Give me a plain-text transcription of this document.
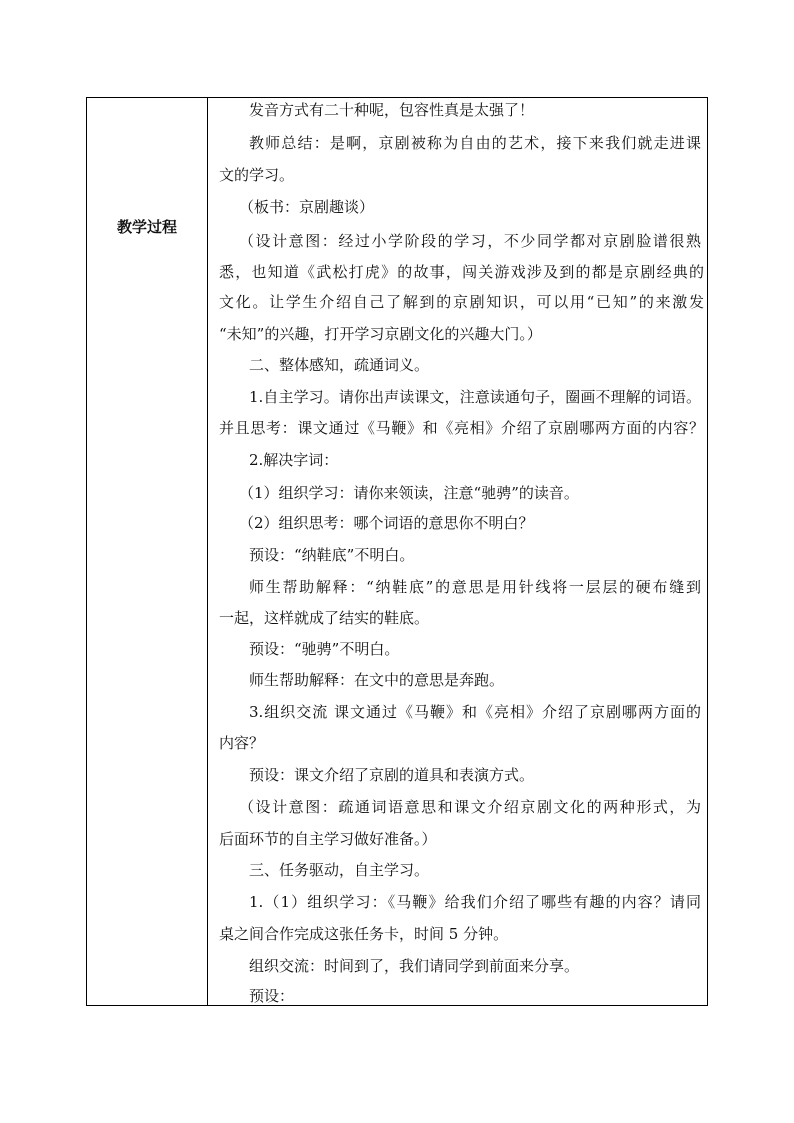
教学过程
发音方式有二十种呢，包容性真是太强了！
教师总结：是啊，京剧被称为自由的艺术，接下来我们就走进课
文的学习。
（板书：京剧趣谈）
（设计意图：经过小学阶段的学习，不少同学都对京剧脸谱很熟
悉，也知道《武松打虎》的故事，闯关游戏涉及到的都是京剧经典的
文化。让学生介绍自己了解到的京剧知识，可以用“已知”的来激发
“未知”的兴趣，打开学习京剧文化的兴趣大门。）
二、整体感知，疏通词义。
1.自主学习。请你出声读课文，注意读通句子，圈画不理解的词语。
并且思考：课文通过《马鞭》和《亮相》介绍了京剧哪两方面的内容？
2.解决字词：
（1）组织学习：请你来领读，注意“驰骋”的读音。
（2）组织思考：哪个词语的意思你不明白？
预设：“纳鞋底”不明白。
师生帮助解释：“纳鞋底”的意思是用针线将一层层的硬布缝到
一起，这样就成了结实的鞋底。
预设：“驰骋”不明白。
师生帮助解释：在文中的意思是奔跑。
3.组织交流 课文通过《马鞭》和《亮相》介绍了京剧哪两方面的
内容？
预设：课文介绍了京剧的道具和表演方式。
（设计意图：疏通词语意思和课文介绍京剧文化的两种形式，为
后面环节的自主学习做好准备。）
三、任务驱动，自主学习。
1.（1）组织学习：《马鞭》给我们介绍了哪些有趣的内容？请同
桌之间合作完成这张任务卡，时间 5 分钟。
组织交流：时间到了，我们请同学到前面来分享。
预设：
